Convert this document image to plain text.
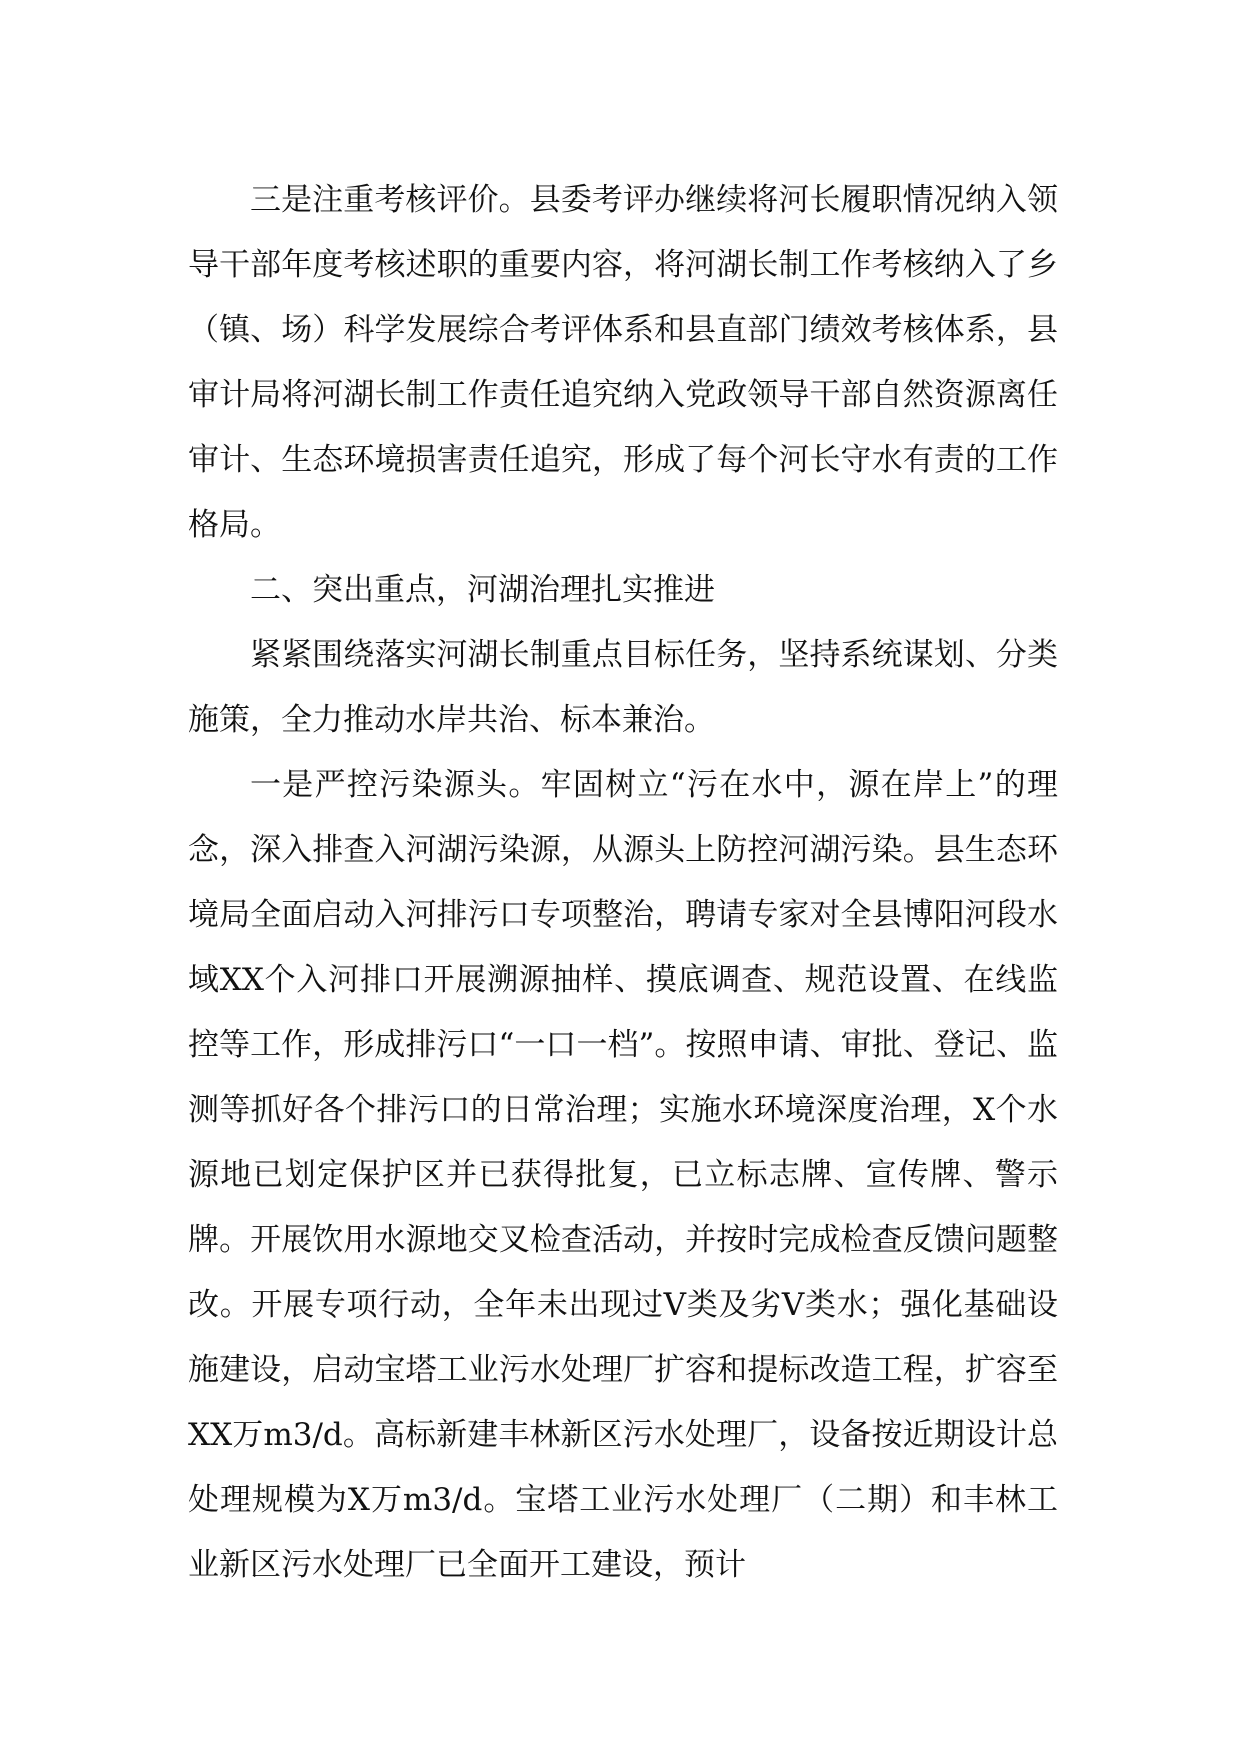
三是注重考核评价。县委考评办继续将河长履职情况纳入领导干部年度考核述职的重要内容，将河湖长制工作考核纳入了乡（镇、场）科学发展综合考评体系和县直部门绩效考核体系，县审计局将河湖长制工作责任追究纳入党政领导干部自然资源离任审计、生态环境损害责任追究，形成了每个河长守水有责的工作格局。

二、突出重点，河湖治理扎实推进

紧紧围绕落实河湖长制重点目标任务，坚持系统谋划、分类施策，全力推动水岸共治、标本兼治。

一是严控污染源头。牢固树立“污在水中，源在岸上”的理念，深入排查入河湖污染源，从源头上防控河湖污染。县生态环境局全面启动入河排污口专项整治，聘请专家对全县博阳河段水域XX个入河排口开展溯源抽样、摸底调查、规范设置、在线监控等工作，形成排污口“一口一档”。按照申请、审批、登记、监测等抓好各个排污口的日常治理；实施水环境深度治理，X个水源地已划定保护区并已获得批复，已立标志牌、宣传牌、警示牌。开展饮用水源地交叉检查活动，并按时完成检查反馈问题整改。开展专项行动，全年未出现过V类及劣V类水；强化基础设施建设，启动宝塔工业污水处理厂扩容和提标改造工程，扩容至XX万m3/d。高标新建丰林新区污水处理厂，设备按近期设计总处理规模为X万m3/d。宝塔工业污水处理厂（二期）和丰林工业新区污水处理厂已全面开工建设，预计
